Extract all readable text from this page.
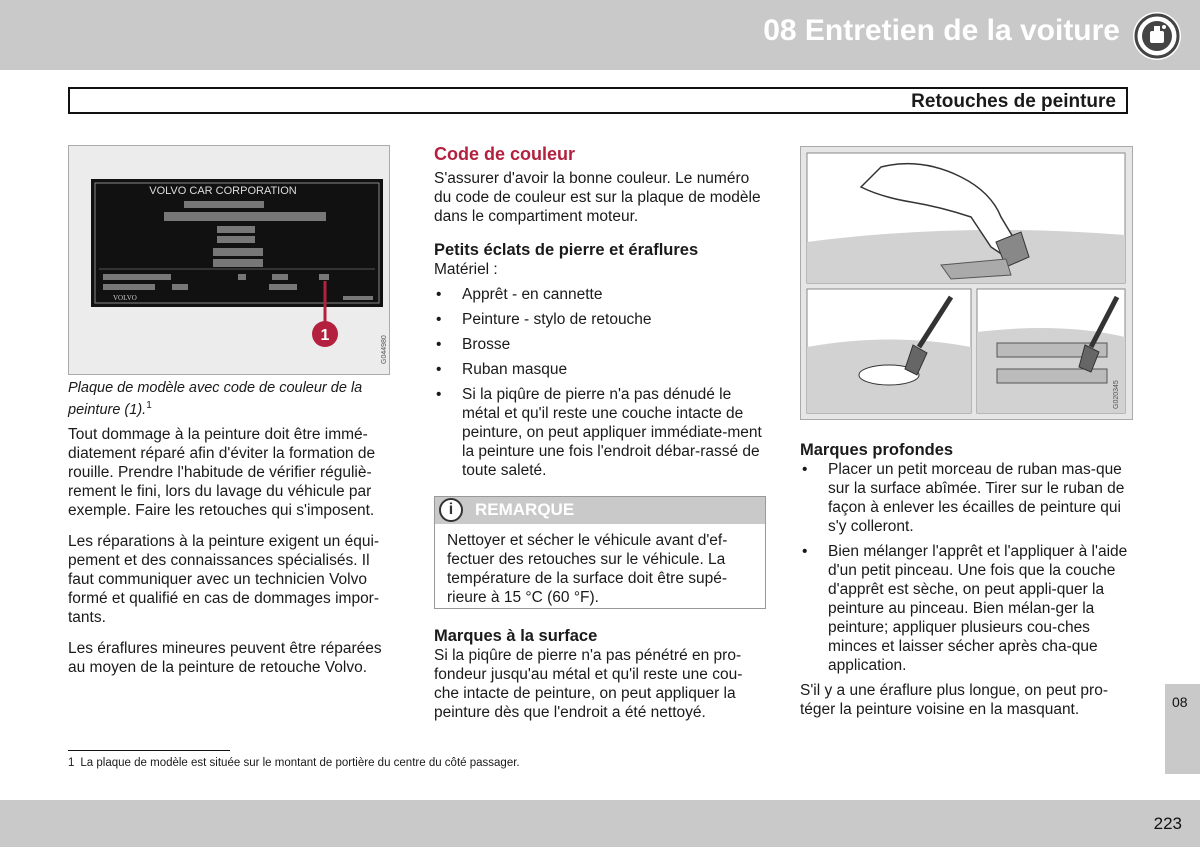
08 Entretien de la voiture
Retouches de peinture
VOLVO CAR CORPORATION
VOLVO
1	G044980
Plaque de modèle avec code de couleur de la peinture (1).$^1$

Tout dommage à la peinture doit être immé-diatement réparé afin d'éviter la formation de rouille. Prendre l'habitude de vérifier réguliè-rement le fini, lors du lavage du véhicule par exemple. Faire les retouches qui s'imposent.

Les réparations à la peinture exigent un équi-pement et des connaissances spécialisés. Il faut communiquer avec un technicien Volvo formé et qualifié en cas de dommages impor-tants.

Les éraflures mineures peuvent être réparées au moyen de la peinture de retouche Volvo.

Code de couleur

S'assurer d'avoir la bonne couleur. Le numéro du code de couleur est sur la plaque de modèle dans le compartiment moteur.

Petits éclats de pierre et éraflures
Matériel :
• Apprêt - en cannette
• Peinture - stylo de retouche
• Brosse
• Ruban masque
• Si la piqûre de pierre n'a pas dénudé le métal et qu'il reste une couche intacte de peinture, on peut appliquer immédiate-ment la peinture une fois l'endroit débar-rassé de toute saleté.
i	REMARQUE
Nettoyer et sécher le véhicule avant d'ef-fectuer des retouches sur le véhicule. La température de la surface doit être supé-rieure à 15 °C (60 °F).
Marques à la surface

Si la piqûre de pierre n'a pas pénétré en pro-fondeur jusqu'au métal et qu'il reste une cou-che intacte de peinture, on peut appliquer la peinture dès que l'endroit a été nettoyé.

G020345
Marques profondes
• Placer un petit morceau de ruban mas-que sur la surface abîmée. Tirer sur le ruban de façon à enlever les écailles de peinture qui s'y colleront.
• Bien mélanger l'apprêt et l'appliquer à l'aide d'un petit pinceau. Une fois que la couche d'apprêt est sèche, on peut appli-quer la peinture au pinceau. Bien mélan-ger la peinture; appliquer plusieurs cou-ches minces et laisser sécher après cha-que application.

S'il y a une éraflure plus longue, on peut pro-téger la peinture voisine en la masquant.	08
1 La plaque de modèle est située sur le montant de portière du centre du côté passager.
223
